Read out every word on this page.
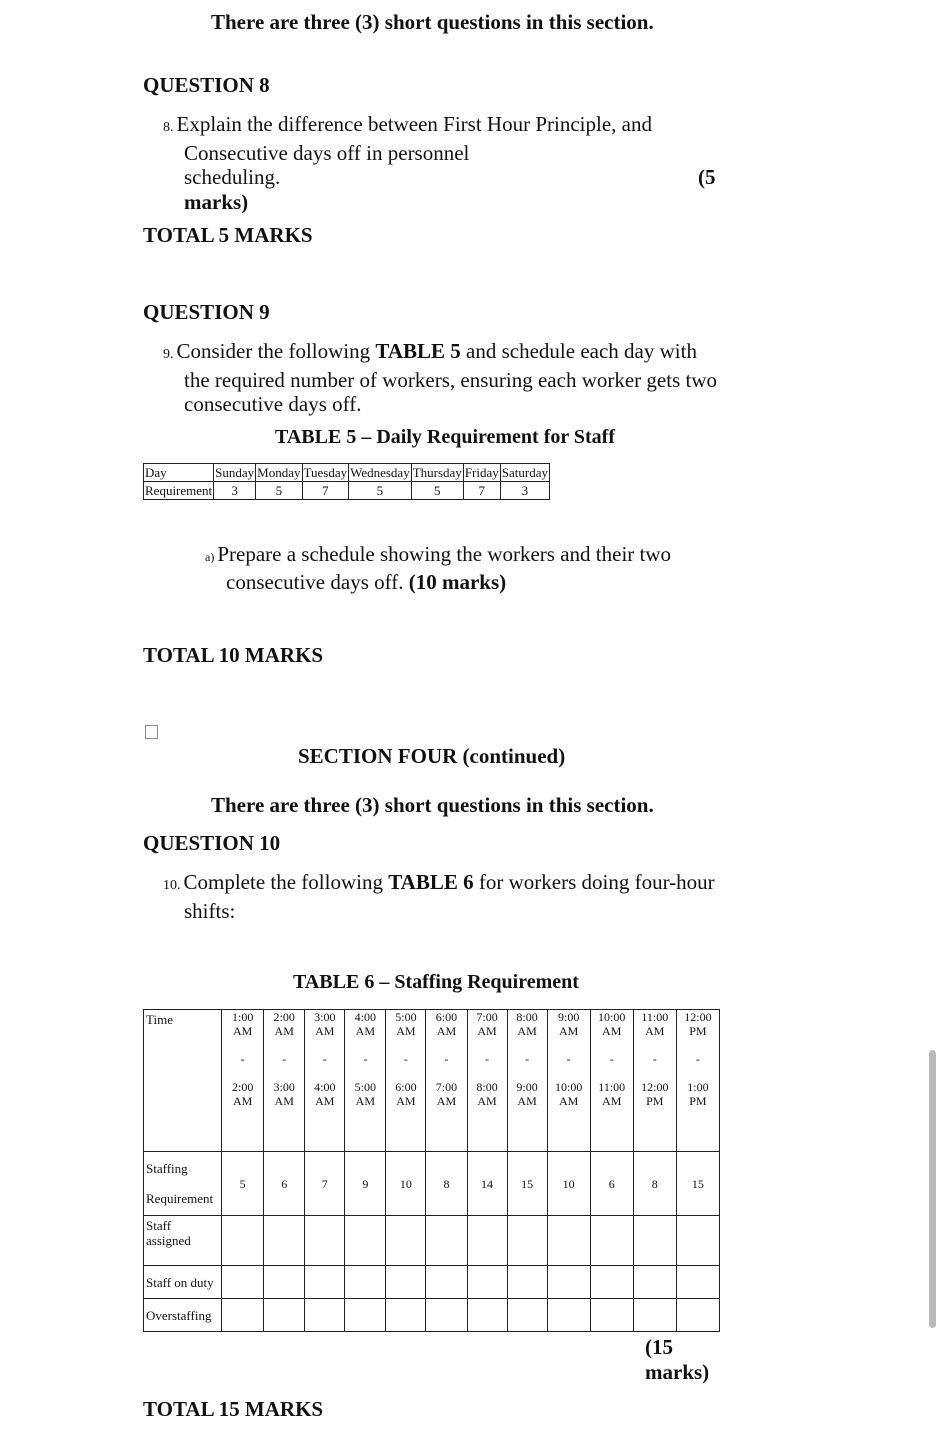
There are three (3) short questions in this section.
QUESTION 8
8. Explain the difference between First Hour Principle, and
Consecutive days off in personnel
scheduling.	(5
marks)
TOTAL 5 MARKS
QUESTION 9
9. Consider the following TABLE 5 and schedule each day with
the required number of workers, ensuring each worker gets two
consecutive days off.
TABLE 5 – Daily Requirement for Staff
Day	Sunday	Monday	Tuesday	Wednesday	Thursday	Friday	Saturday
Requirement	3	5	7	5	5	7	3
a) Prepare a schedule showing the workers and their two
consecutive days off. (10 marks)
TOTAL 10 MARKS
SECTION FOUR (continued)
There are three (3) short questions in this section.
QUESTION 10
10. Complete the following TABLE 6 for workers doing four-hour
shifts:
TABLE 6 – Staffing Requirement
Time	1:00
AM
-
2:00
AM	2:00
AM
-
3:00
AM	3:00
AM
-
4:00
AM	4:00
AM
-
5:00
AM	5:00
AM
-
6:00
AM	6:00
AM
-
7:00
AM	7:00
AM
-
8:00
AM	8:00
AM
-
9:00
AM	9:00
AM
-
10:00
AM	10:00
AM
-
11:00
AM	11:00
AM
-
12:00
PM	12:00
PM
-
1:00
PM

Staffing
Requirement	5	6	7	9	10	8	14	15	10	6	8	15

Staff
assigned												

Staff on duty												
Overstaffing												
(15
marks)
TOTAL 15 MARKS
